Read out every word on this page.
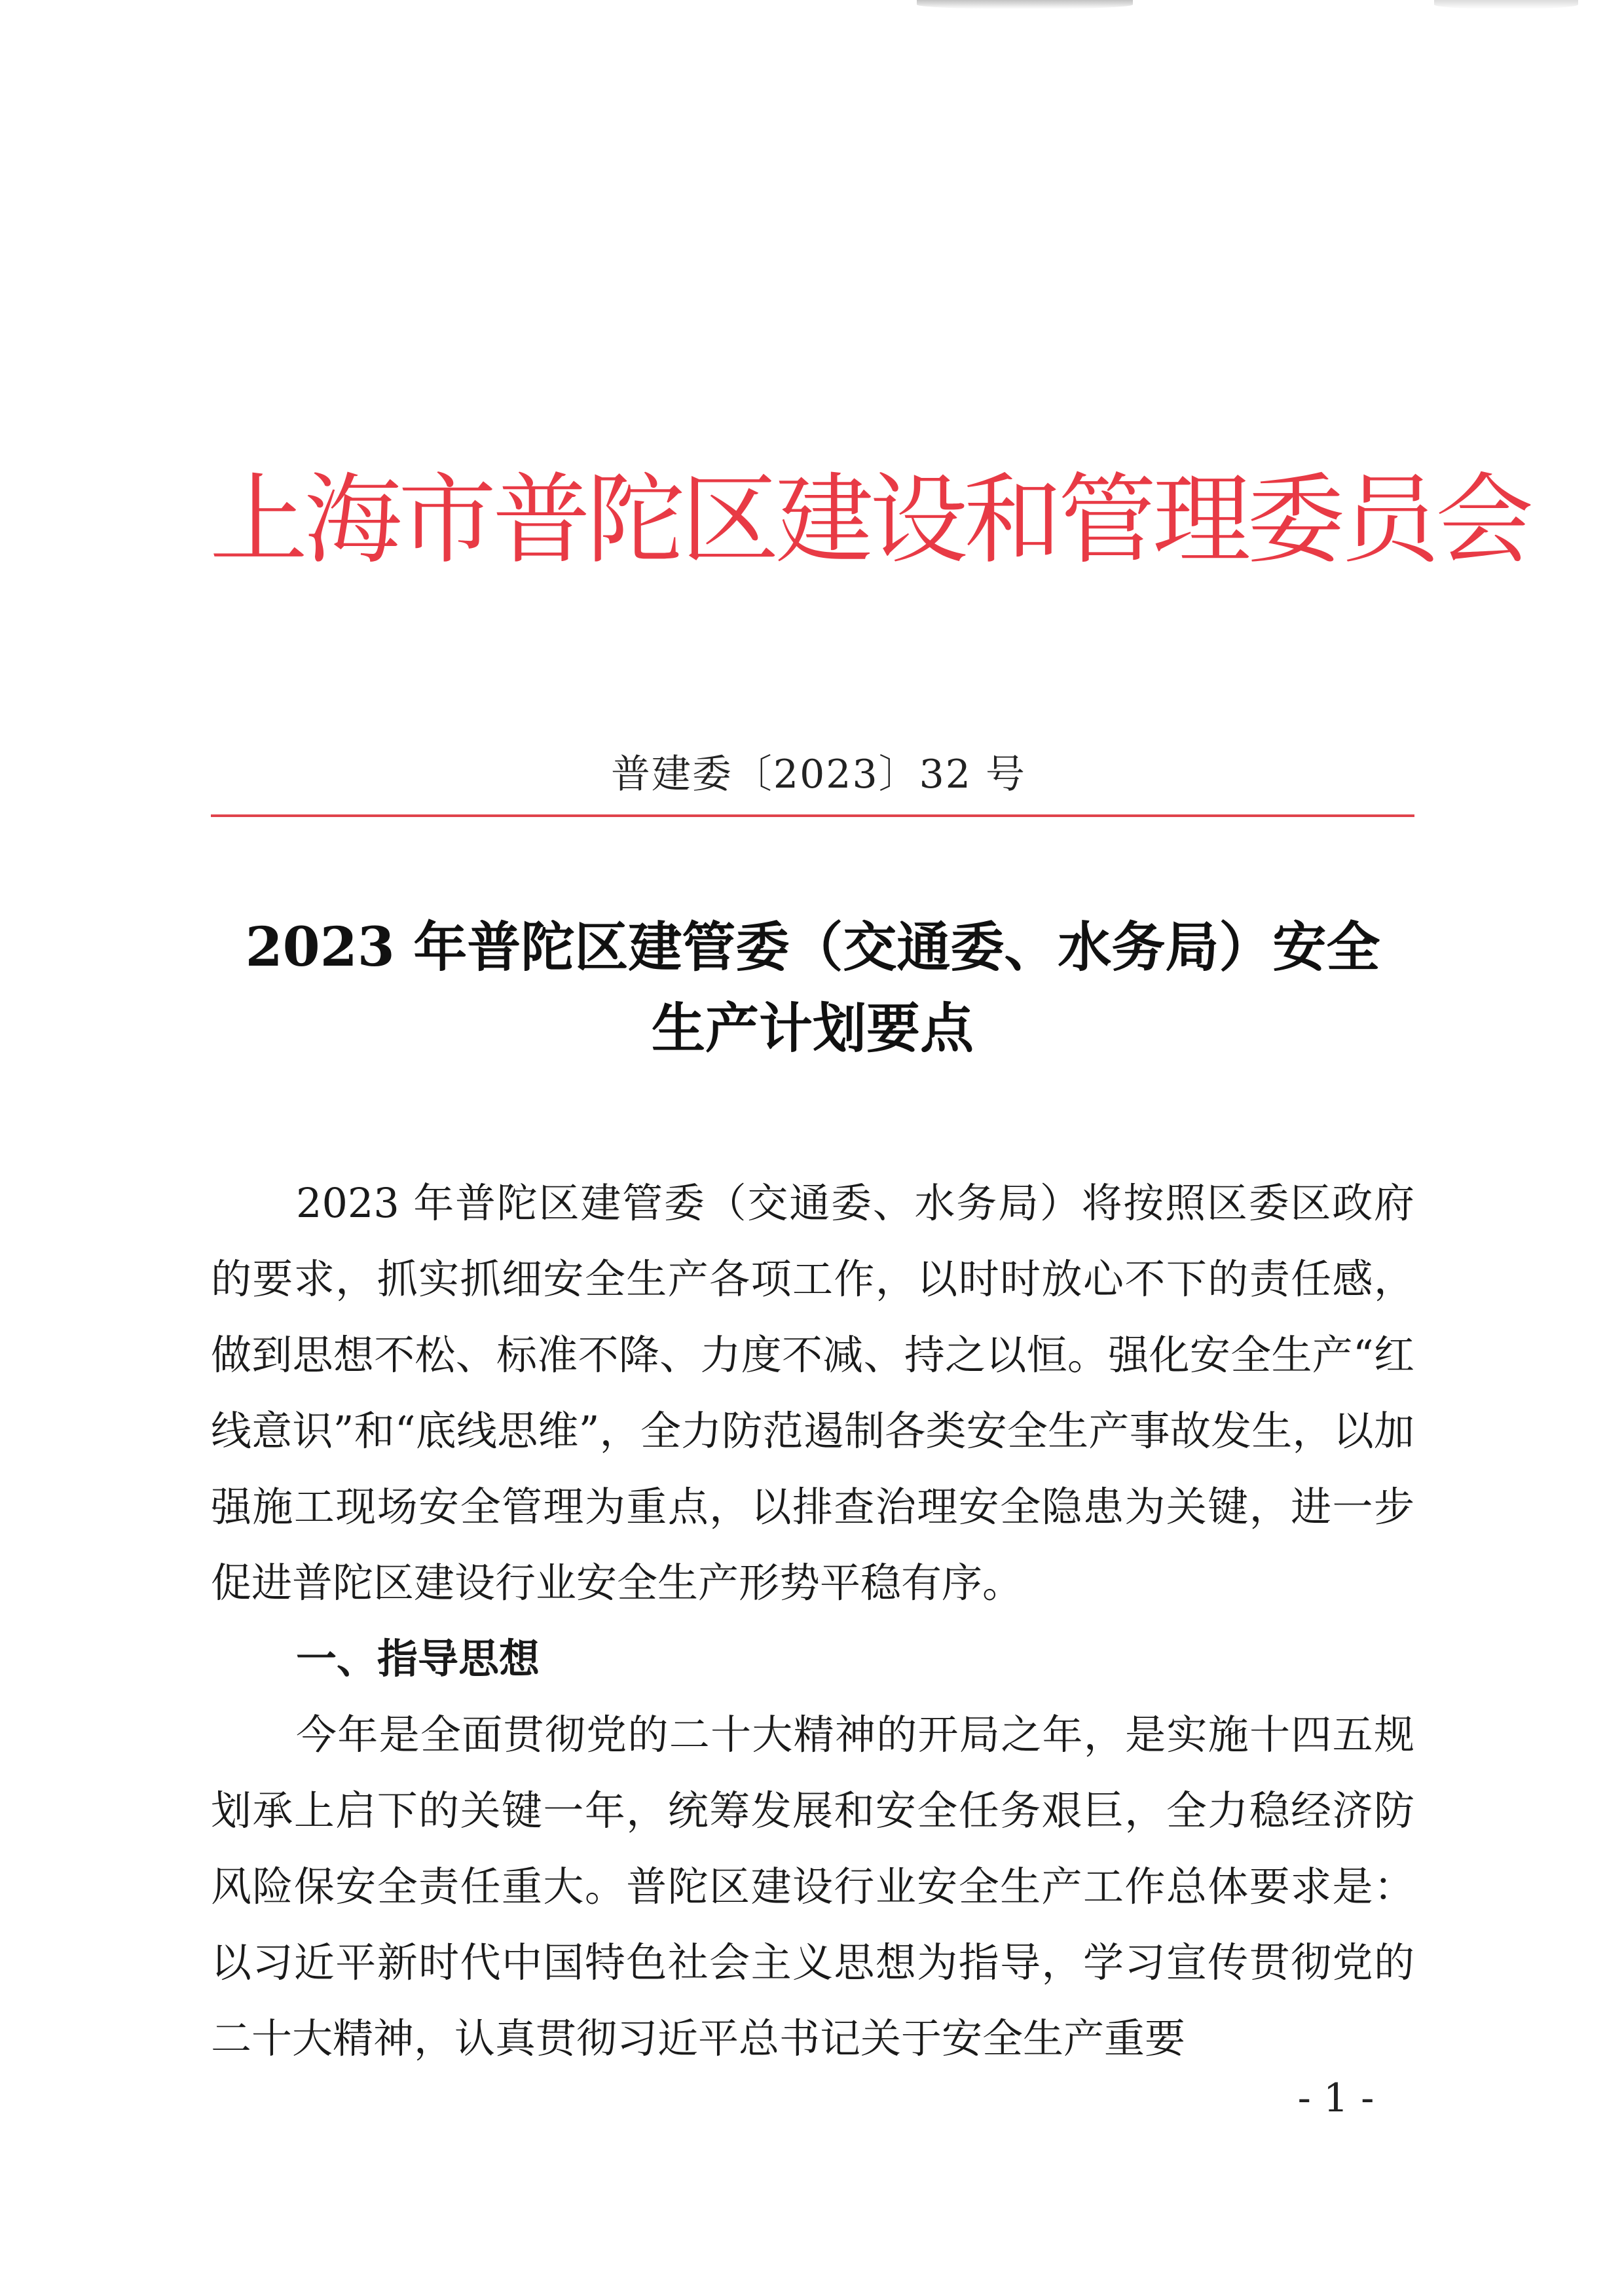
上海市普陀区建设和管理委员会
普建委〔2023〕32 号
2023 年普陀区建管委（交通委、水务局）安全
生产计划要点

2023 年普陀区建管委（交通委、水务局）将按照区委区政府的要求，抓实抓细安全生产各项工作，以时时放心不下的责任感，做到思想不松、标准不降、力度不减、持之以恒。强化安全生产“红线意识”和“底线思维”，全力防范遏制各类安全生产事故发生，以加强施工现场安全管理为重点，以排查治理安全隐患为关键，进一步促进普陀区建设行业安全生产形势平稳有序。

一、指导思想

今年是全面贯彻党的二十大精神的开局之年，是实施十四五规划承上启下的关键一年，统筹发展和安全任务艰巨，全力稳经济防风险保安全责任重大。普陀区建设行业安全生产工作总体要求是：以习近平新时代中国特色社会主义思想为指导，学习宣传贯彻党的二十大精神，认真贯彻习近平总书记关于安全生产重要

- 1 -
